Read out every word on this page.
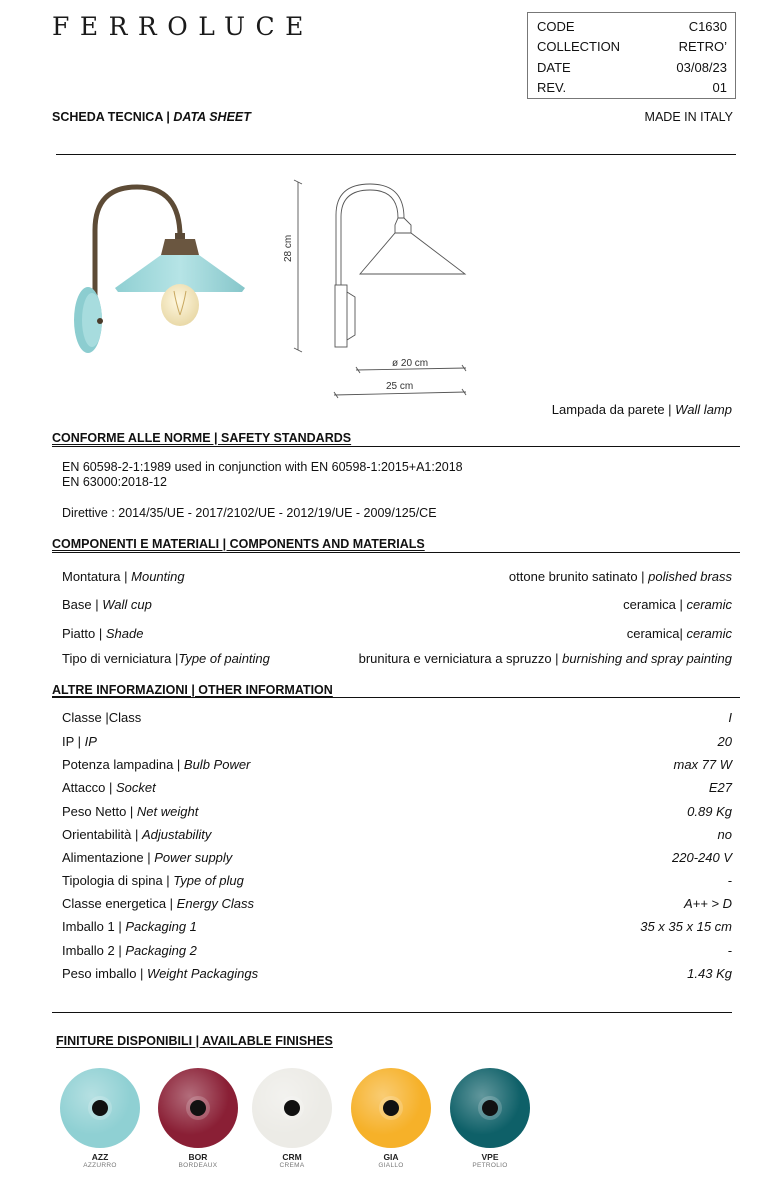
FERROLUCE	CODE	C1630
COLLECTION	RETRO’
DATE	03/08/23
REV.	01
SCHEDA TECNICA | DATA SHEET	MADE IN ITALY
28 cm
ø 20 cm
25 cm
Lampada da parete | Wall lamp
CONFORME ALLE NORME | SAFETY STANDARDS
EN 60598-2-1:1989 used in conjunction with EN 60598-1:2015+A1:2018
EN 63000:2018-12
Direttive : 2014/35/UE - 2017/2102/UE - 2012/19/UE - 2009/125/CE
COMPONENTI E MATERIALI | COMPONENTS AND MATERIALS
Montatura | Mounting	ottone brunito satinato | polished brass
Base | Wall cup	ceramica | ceramic
Piatto | Shade	ceramica| ceramic
Tipo di verniciatura |Type of painting	brunitura e verniciatura a spruzzo | burnishing and spray painting
ALTRE INFORMAZIONI | OTHER INFORMATION
Classe |Class	I
IP | IP	20
Potenza lampadina | Bulb Power	max 77 W
Attacco | Socket	E27
Peso Netto | Net weight	0.89 Kg
Orientabilità | Adjustability	no
Alimentazione | Power supply	220-240 V
Tipologia di spina | Type of plug	-
Classe energetica | Energy Class	A++ > D
Imballo 1 | Packaging 1	35 x 35 x 15 cm
Imballo 2 | Packaging 2	-
Peso imballo | Weight Packagings	1.43 Kg
FINITURE DISPONIBILI | AVAILABLE FINISHES
AZZ
AZZURRO
BOR
BORDEAUX
CRM
CREMA
GIA
GIALLO
VPE
PETROLIO
